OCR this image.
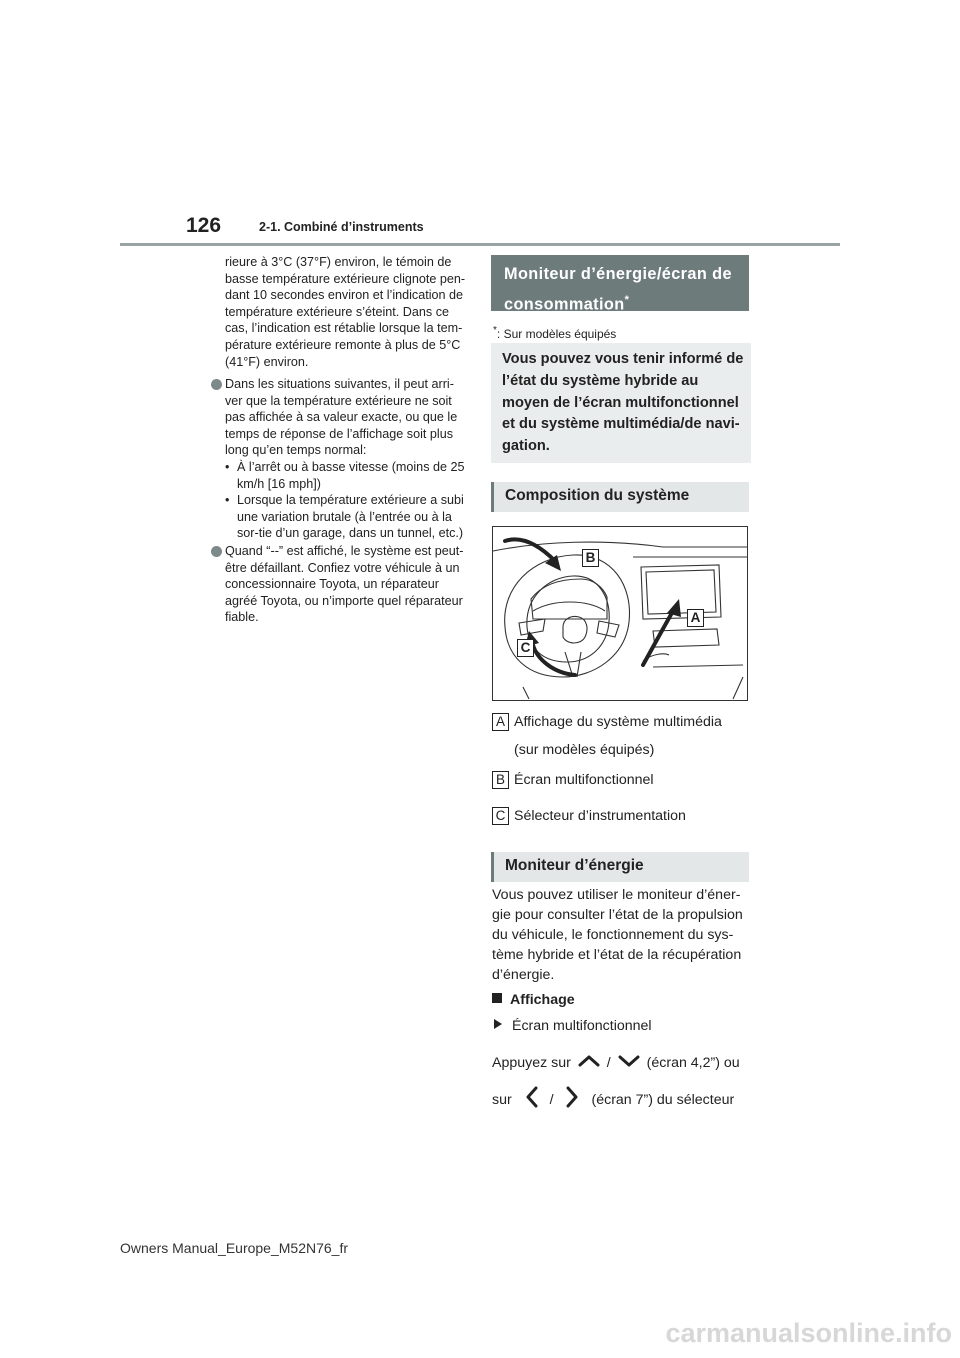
126	2-1. Combiné d’instruments
rieure à 3°C (37°F) environ, le témoin de basse température extérieure clignote pen-dant 10 secondes environ et l’indication de température extérieure s’éteint. Dans ce cas, l’indication est rétablie lorsque la tem-pérature extérieure remonte à plus de 5°C (41°F) environ.

Dans les situations suivantes, il peut arri-ver que la température extérieure ne soit pas affichée à sa valeur exacte, ou que le temps de réponse de l’affichage soit plus long qu’en temps normal:

• À l’arrêt ou à basse vitesse (moins de 25 km/h [16 mph])
• Lorsque la température extérieure a subi une variation brutale (à l’entrée ou à la sor-tie d’un garage, dans un tunnel, etc.)
Quand “--” est affiché, le système est peut-être défaillant. Confiez votre véhicule à un concessionnaire Toyota, un réparateur agréé Toyota, ou n’importe quel réparateur fiable.
Moniteur d’énergie/écran de consommation*
*: Sur modèles équipés
Vous pouvez vous tenir informé de l’état du système hybride au moyen de l’écran multifonctionnel et du système multimédia/de navi-gation.
Composition du système
B
A
C
A Affichage du système multimédia
(sur modèles équipés)
B Écran multifonctionnel
C Sélecteur d’instrumentation
Moniteur d’énergie
Vous pouvez utiliser le moniteur d’éner-gie pour consulter l’état de la propulsion du véhicule, le fonctionnement du sys-tème hybride et l’état de la récupération d’énergie.
Affichage
Écran multifonctionnel
Appuyez sur	/	(écran 4,2”) ou
sur	/	(écran 7”) du sélecteur
Owners Manual_Europe_M52N76_fr
carmanualsonline.info
